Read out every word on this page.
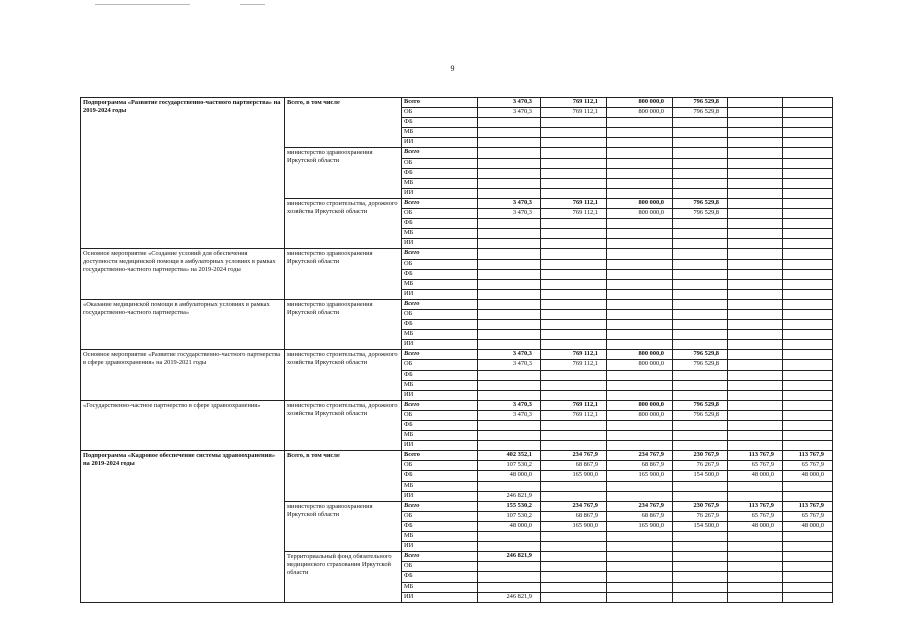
9
Подпрограмма «Развитие государственно-частного партнерства» на 2019-2024 годы	Всего, в том числе	Всего	3 470,3	769 112,1	800 000,0	796 529,8		
		ОБ	3 470,3	769 112,1	800 000,0	796 529,8		
		ФБ						
		МБ						
		ИИ						
	министерство здравоохранения Иркутской области	Всего						
		ОБ						
		ФБ						
		МБ						
		ИИ						
	министерство строительства, дорожного хозяйства Иркутской области	Всего	3 470,3	769 112,1	800 000,0	796 529,8		
		ОБ	3 470,3	769 112,1	800 000,0	796 529,8		
		ФБ						
		МБ						
		ИИ						
Основное мероприятие «Создание условий для обеспечения доступности медицинской помощи в амбулаторных условиях в рамках государственно-частного партнерства» на 2019-2024 годы	министерство здравоохранения Иркутской области	Всего						
		ОБ						
		ФБ						
		МБ						
		ИИ						
«Оказание медицинской помощи в амбулаторных условиях в рамках государственно-частного партнерства»	министерство здравоохранения Иркутской области	Всего						
		ОБ						
		ФБ						
		МБ						
		ИИ						
Основное мероприятие «Развитие государственно-частного партнерства в сфере здравоохранения» на 2019-2021 годы	министерство строительства, дорожного хозяйства Иркутской области	Всего	3 470,3	769 112,1	800 000,0	796 529,8		
		ОБ	3 470,3	769 112,1	800 000,0	796 529,8		
		ФБ						
		МБ						
		ИИ						
«Государственно-частное партнерство в сфере здравоохранения»	министерство строительства, дорожного хозяйства Иркутской области	Всего	3 470,3	769 112,1	800 000,0	796 529,8		
		ОБ	3 470,3	769 112,1	800 000,0	796 529,8		
		ФБ						
		МБ						
		ИИ						
Подпрограмма «Кадровое обеспечение системы здравоохранения» на 2019-2024 годы	Всего, в том числе	Всего	402 352,1	234 767,9	234 767,9	230 767,9	113 767,9	113 767,9
		ОБ	107 530,2	68 867,9	68 867,9	76 267,9	65 767,9	65 767,9
		ФБ	48 000,0	165 900,0	165 900,0	154 500,0	48 000,0	48 000,0
		МБ						
		ИИ	246 821,9					
	министерство здравоохранения Иркутской области	Всего	155 530,2	234 767,9	234 767,9	230 767,9	113 767,9	113 767,9
		ОБ	107 530,2	68 867,9	68 867,9	76 267,9	65 767,9	65 767,9
		ФБ	48 000,0	165 900,0	165 900,0	154 500,0	48 000,0	48 000,0
		МБ						
		ИИ						
	Территориальный фонд обязательного медицинского страхования Иркутской области	Всего	246 821,9					
		ОБ						
		ФБ						
		МБ						
		ИИ	246 821,9					
